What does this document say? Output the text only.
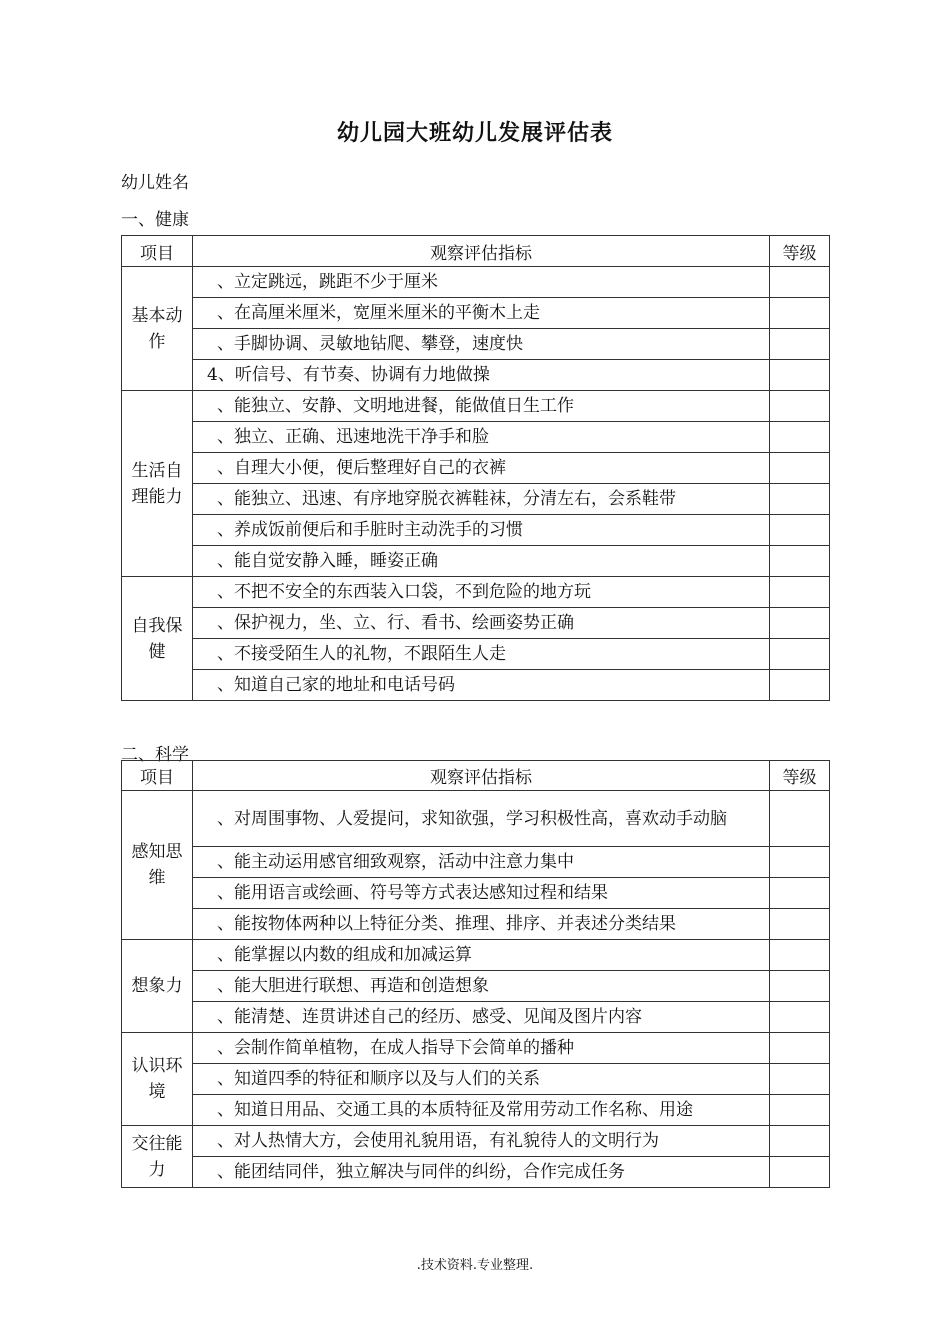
幼儿园大班幼儿发展评估表
幼儿姓名
一、健康
项目	观察评估指标	等级
基本动作	、立定跳远，跳距不少于厘米	
	、在高厘米厘米，宽厘米厘米的平衡木上走	
	、手脚协调、灵敏地钻爬、攀登，速度快	
	4、听信号、有节奏、协调有力地做操	
生活自理能力	、能独立、安静、文明地进餐，能做值日生工作	
	、独立、正确、迅速地洗干净手和脸	
	、自理大小便，便后整理好自己的衣裤	
	、能独立、迅速、有序地穿脱衣裤鞋袜，分清左右，会系鞋带	
	、养成饭前便后和手脏时主动洗手的习惯	
	、能自觉安静入睡，睡姿正确	
自我保健	、不把不安全的东西装入口袋，不到危险的地方玩	
	、保护视力，坐、立、行、看书、绘画姿势正确	
	、不接受陌生人的礼物，不跟陌生人走	
	、知道自己家的地址和电话号码	
二、科学
项目	观察评估指标	等级
感知思维	、对周围事物、人爱提问，求知欲强，学习积极性高，喜欢动手动脑	
	、能主动运用感官细致观察，活动中注意力集中	
	、能用语言或绘画、符号等方式表达感知过程和结果	
	、能按物体两种以上特征分类、推理、排序、并表述分类结果	
想象力	、能掌握以内数的组成和加减运算	
	、能大胆进行联想、再造和创造想象	
	、能清楚、连贯讲述自己的经历、感受、见闻及图片内容	
认识环境	、会制作简单植物，在成人指导下会简单的播种	
	、知道四季的特征和顺序以及与人们的关系	
	、知道日用品、交通工具的本质特征及常用劳动工作名称、用途	
交往能力	、对人热情大方，会使用礼貌用语，有礼貌待人的文明行为	
	、能团结同伴，独立解决与同伴的纠纷，合作完成任务	
.技术资料.专业整理.
